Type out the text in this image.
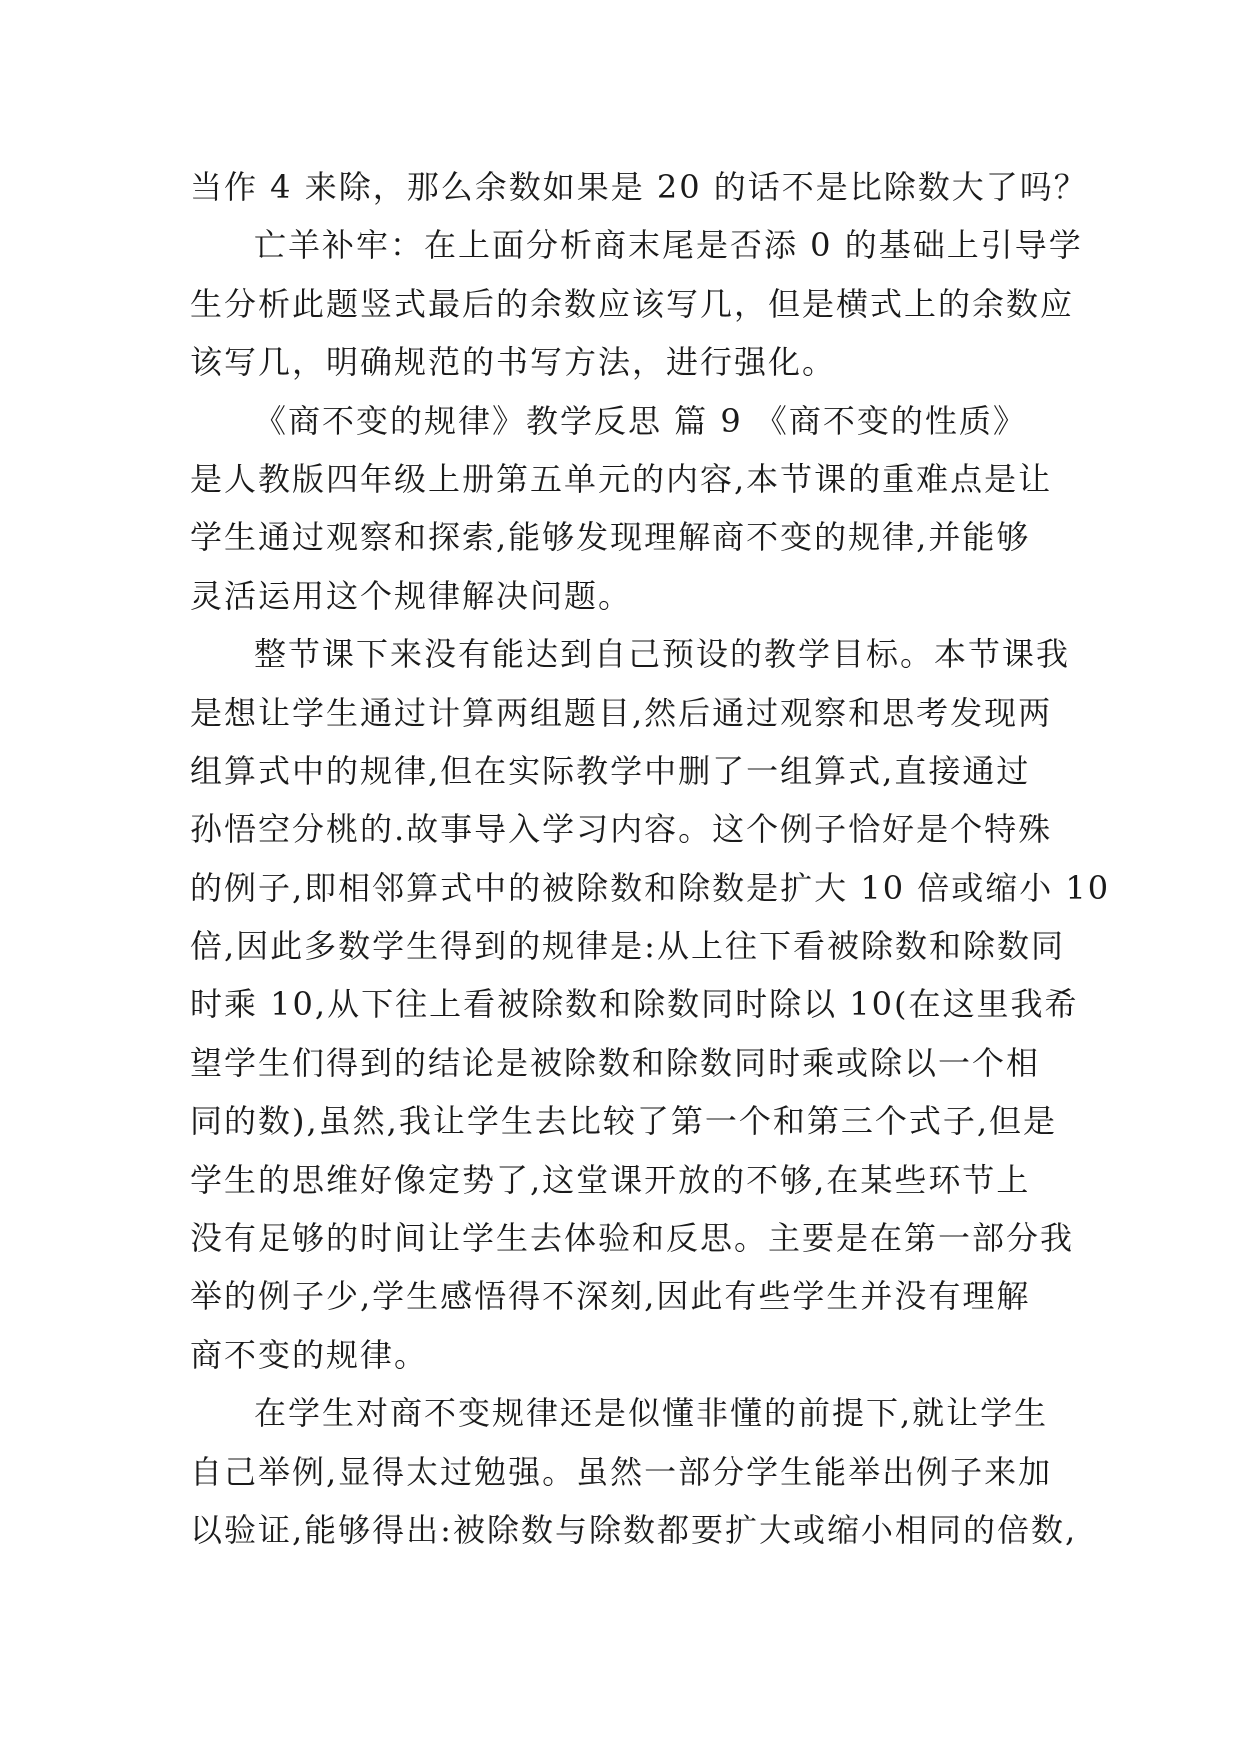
当作 4 来除，那么余数如果是 20 的话不是比除数大了吗？
亡羊补牢：在上面分析商末尾是否添 0 的基础上引导学
生分析此题竖式最后的余数应该写几，但是横式上的余数应
该写几，明确规范的书写方法，进行强化。
《商不变的规律》教学反思 篇 9 《商不变的性质》
是人教版四年级上册第五单元的内容,本节课的重难点是让
学生通过观察和探索,能够发现理解商不变的规律,并能够
灵活运用这个规律解决问题。
整节课下来没有能达到自己预设的教学目标。本节课我
是想让学生通过计算两组题目,然后通过观察和思考发现两
组算式中的规律,但在实际教学中删了一组算式,直接通过
孙悟空分桃的.故事导入学习内容。这个例子恰好是个特殊
的例子,即相邻算式中的被除数和除数是扩大 10 倍或缩小 10
倍,因此多数学生得到的规律是:从上往下看被除数和除数同
时乘 10,从下往上看被除数和除数同时除以 10(在这里我希
望学生们得到的结论是被除数和除数同时乘或除以一个相
同的数),虽然,我让学生去比较了第一个和第三个式子,但是
学生的思维好像定势了,这堂课开放的不够,在某些环节上
没有足够的时间让学生去体验和反思。主要是在第一部分我
举的例子少,学生感悟得不深刻,因此有些学生并没有理解
商不变的规律。
在学生对商不变规律还是似懂非懂的前提下,就让学生
自己举例,显得太过勉强。虽然一部分学生能举出例子来加
以验证,能够得出:被除数与除数都要扩大或缩小相同的倍数,
